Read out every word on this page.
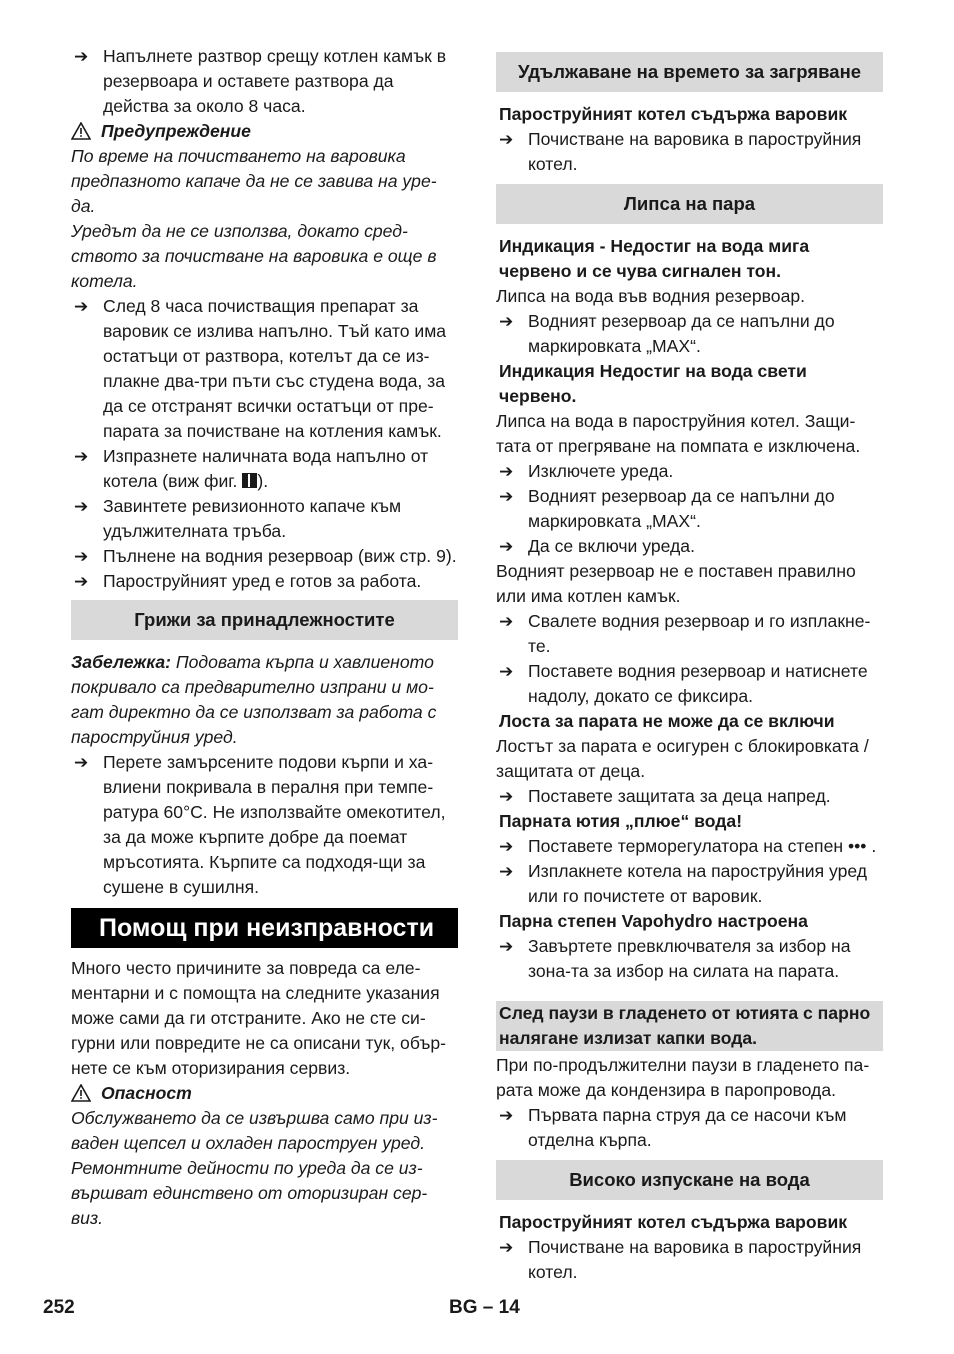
➔ Напълнете разтвор срещу котлен камък в резервоара и оставете разтвора да действа за около 8 часа.

Предупреждение

По време на почистването на варовика предпазното капаче да не се завива на уре-да.

Уредът да не се използва, докато сред-ството за почистване на варовика е още в котела.

➔ След 8 часа почистващия препарат за варовик се излива напълно. Тъй като има остатъци от разтвора, котелът да се из-плакне два-три пъти със студена вода, за да се отстранят всички остатъци от пре-парата за почистване на котления камък.

➔ Изпразнете наличната вода напълно от котела (виж фиг. ).

➔ Завинтете ревизионното капаче към удължителната тръба.

➔ Пълнене на водния резервоар (виж стр. 9).

➔ Пароструйният уред е готов за работа.

Грижи за принадлежностите

Забележка: Подовата кърпа и хавлиеното покривало са предварително изпрани и мо-гат директно да се използват за работа с пароструйния уред.

➔ Перете замърсените подови кърпи и ха-влиени покривала в пералня при темпе-ратура 60°C. Не използвайте омекотител, за да може кърпите добре да поемат мръсотията. Кърпите са подходя-щи за сушене в сушилня.

Помощ при неизправности

Много често причините за повреда са еле-ментарни и с помощта на следните указания може сами да ги отстраните. Ако не сте си-гурни или повредите не са описани тук, обър-нете се към оторизирания сервиз.

Опасност

Обслужването да се извършва само при из-ваден щепсел и охладен пароструен уред. Ремонтните дейности по уреда да се из-вършват единствено от оторизиран сер-виз.

Удължаване на времето за загряване

Пароструйният котел съдържа варовик

➔ Почистване на варовика в пароструйния котел.

Липса на пара

Индикация - Недостиг на вода мига червено и се чува сигнален тон.

Липса на вода във водния резервоар.

➔ Водният резервоар да се напълни до маркировката „MAX“.

Индикация Недостиг на вода свети червено.

Липса на вода в пароструйния котел. Защи-тата от прегряване на помпата е изключена.

➔ Изключете уреда.

➔ Водният резервоар да се напълни до маркировката „MAX“.

➔ Да се включи уреда.

Водният резервоар не е поставен правилно или има котлен камък.

➔ Свалете водния резервоар и го изплакне-те.

➔ Поставете водния резервоар и натиснете надолу, докато се фиксира.

Лоста за парата не може да се включи

Лостът за парата е осигурен с блокировката / защитата от деца.

➔ Поставете защитата за деца напред.

Парната ютия „плюе“ вода!

➔ Поставете терморегулатора на степен ••• .

➔ Изплакнете котела на пароструйния уред или го почистете от варовик.

Парна степен Vapohydro настроена

➔ Завъртете превключвателя за избор на зона-та за избор на силата на парата.

След паузи в гладенето от ютията с парно налягане излизат капки вода.

При по-продължителни паузи в гладенето па-рата може да кондензира в паропровода.

➔ Първата парна струя да се насочи към отделна кърпа.

Високо изпускане на вода

Пароструйният котел съдържа варовик

➔ Почистване на варовика в пароструйния котел.

252	BG – 14
